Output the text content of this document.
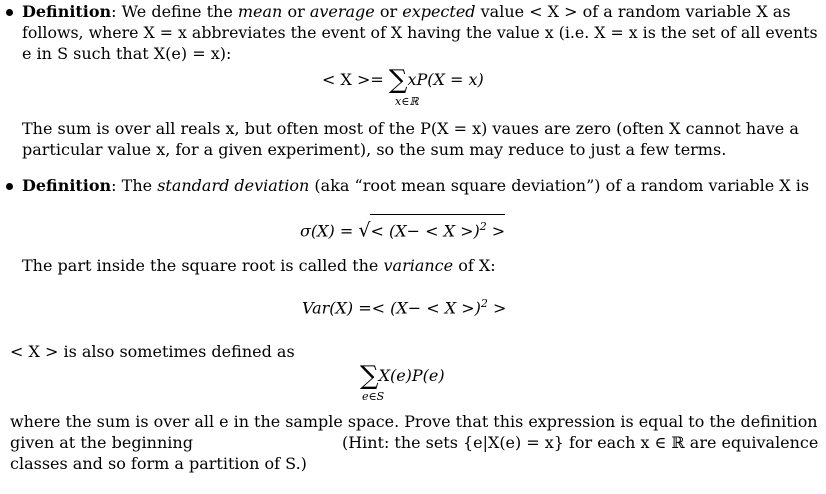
Definition: We define the mean or average or expected value < X > of a random variable X as
follows, where X = x abbreviates the event of X having the value x (i.e. X = x is the set of all events
e in S such that X(e) = x):
< X >= ∑xP(X = x)
x∈ℝ
The sum is over all reals x, but often most of the P(X = x) vaues are zero (often X cannot have a
particular value x, for a given experiment), so the sum may reduce to just a few terms.
Definition: The standard deviation (aka “root mean square deviation”) of a random variable X is
σ(X) = √< (X− < X >)$^2$ >
The part inside the square root is called the variance of X:
Var(X) =< (X− < X >)$^2$ >
< X > is also sometimes defined as
∑X(e)P(e)
e∈S
where the sum is over all e in the sample space. Prove that this expression is equal to the definition
given at the beginning	(Hint: the sets {e|X(e) = x} for each x ∈ ℝ are equivalence
classes and so form a partition of S.)
